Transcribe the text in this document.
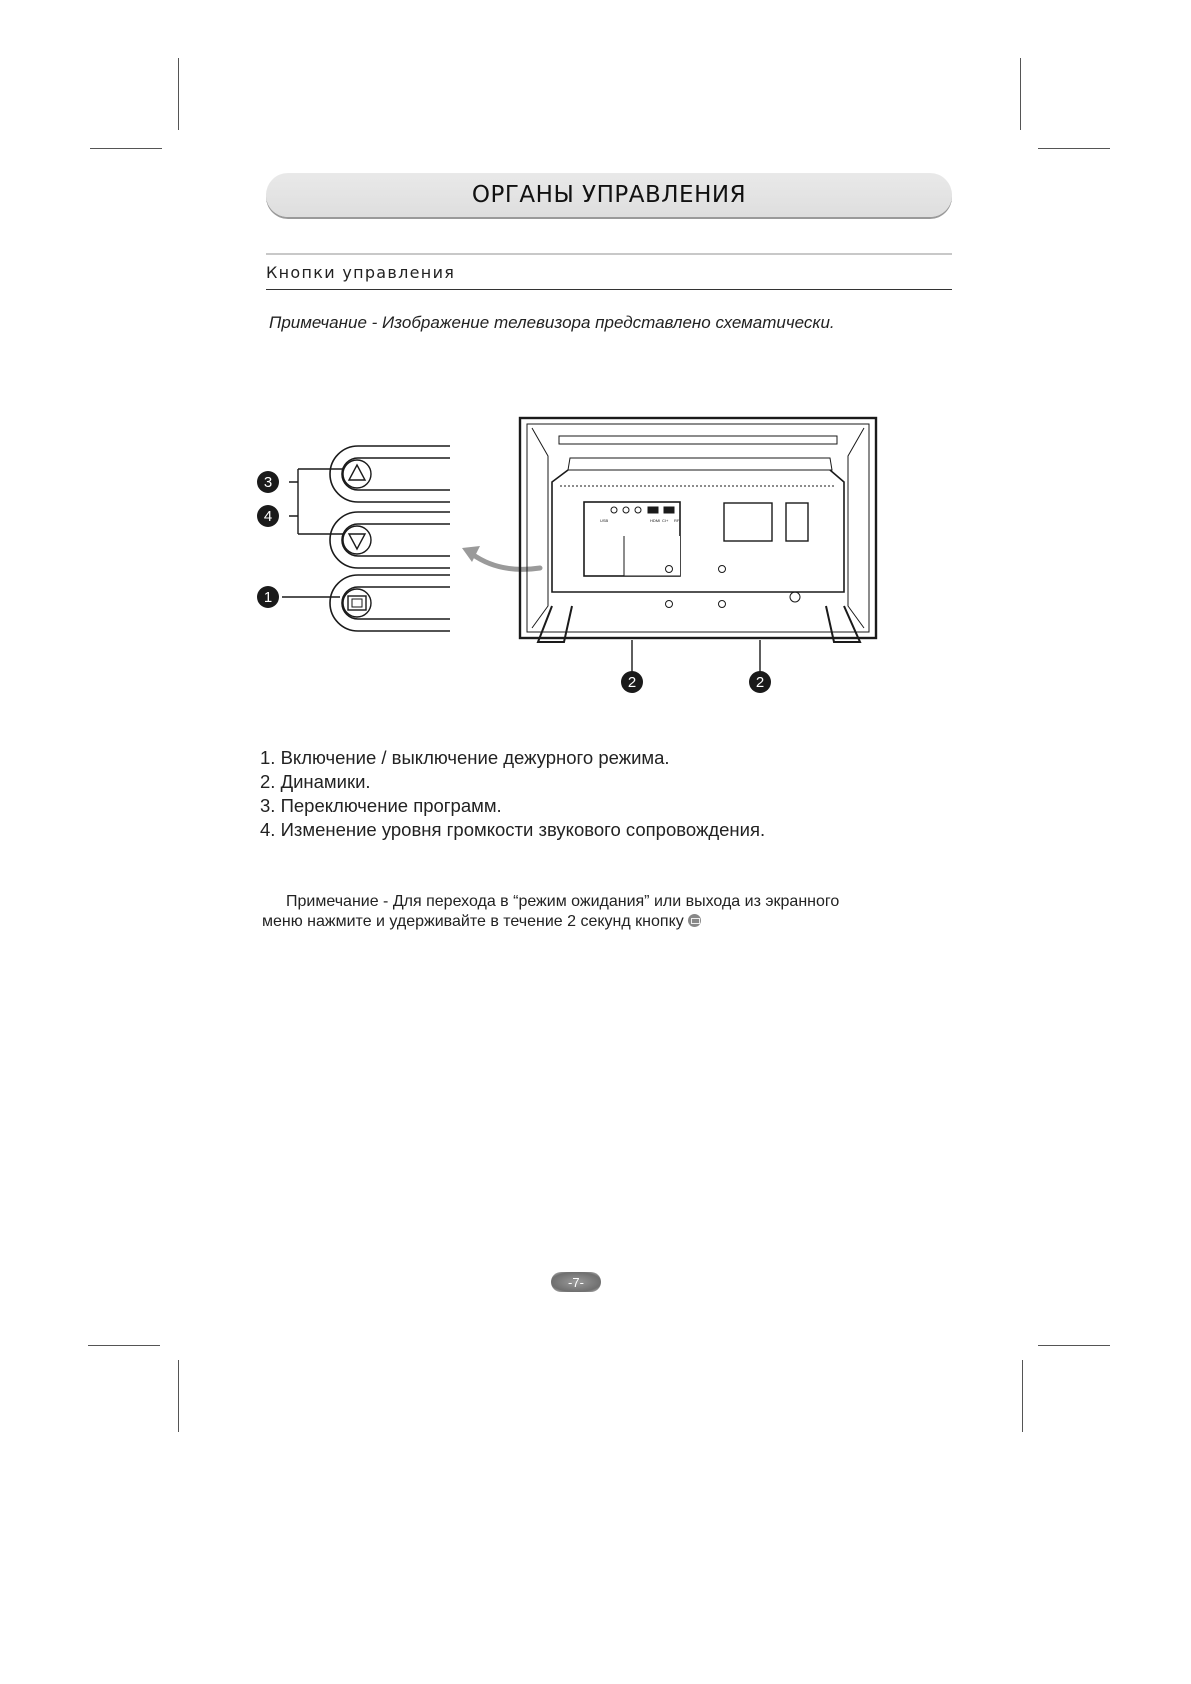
ОРГАНЫ УПРАВЛЕНИЯ
Кнопки управления
Примечание - Изображение телевизора представлено схематически.
3
4
1
USB	HDMI CI+ RF
2	2
1. Включение / выключение дежурного режима.
2. Динамики.
3. Переключение программ.
4. Изменение уровня громкости звукового сопровождения.

Примечание - Для перехода в “режим ожидания” или выхода из экранного

меню нажмите и удерживайте в течение 2 секунд кнопку

-7-
